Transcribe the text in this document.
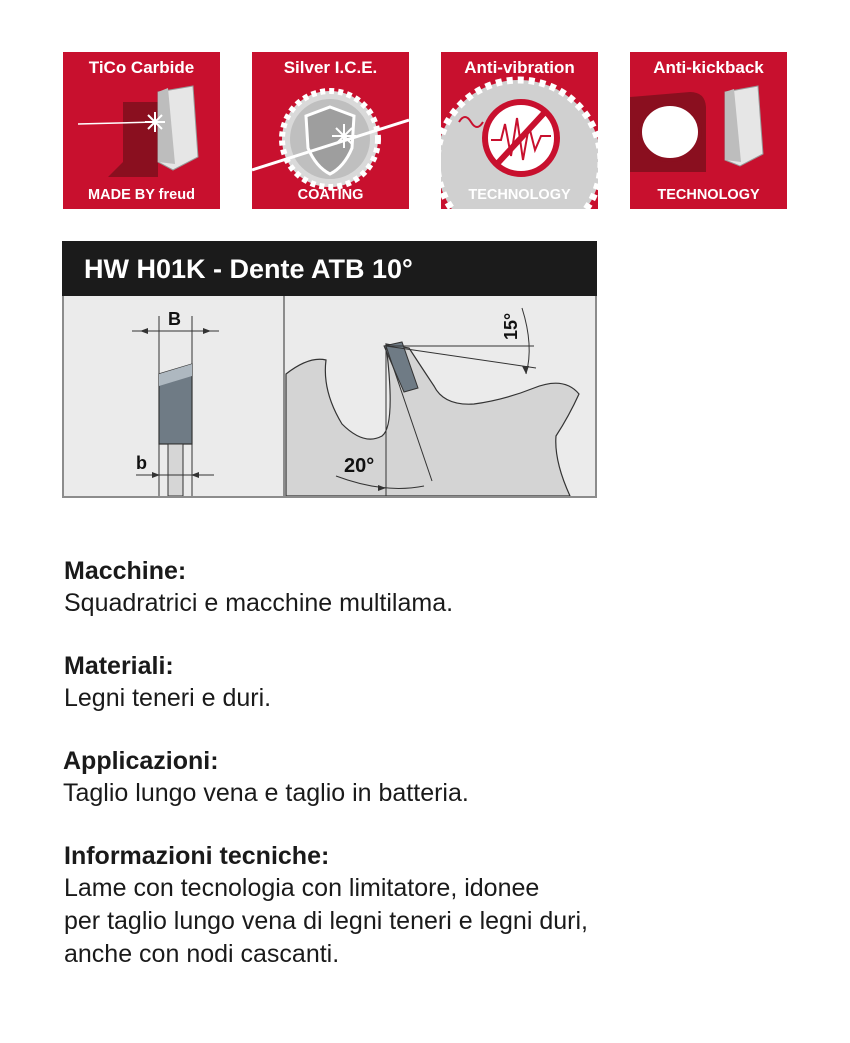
TiCo Carbide
MADE BY freud
Silver I.C.E.
COATING
Anti-vibration
TECHNOLOGY
Anti-kickback
TECHNOLOGY
HW H01K - Dente ATB 10°
15°
20°
B
b
Macchine:
Squadratrici e macchine multilama.
Materiali:
Legni teneri e duri.
Applicazioni:
Taglio lungo vena e taglio in batteria.
Informazioni tecniche:
Lame con tecnologia con limitatore, idonee
per taglio lungo vena di legni teneri e legni duri,
anche con nodi cascanti.
